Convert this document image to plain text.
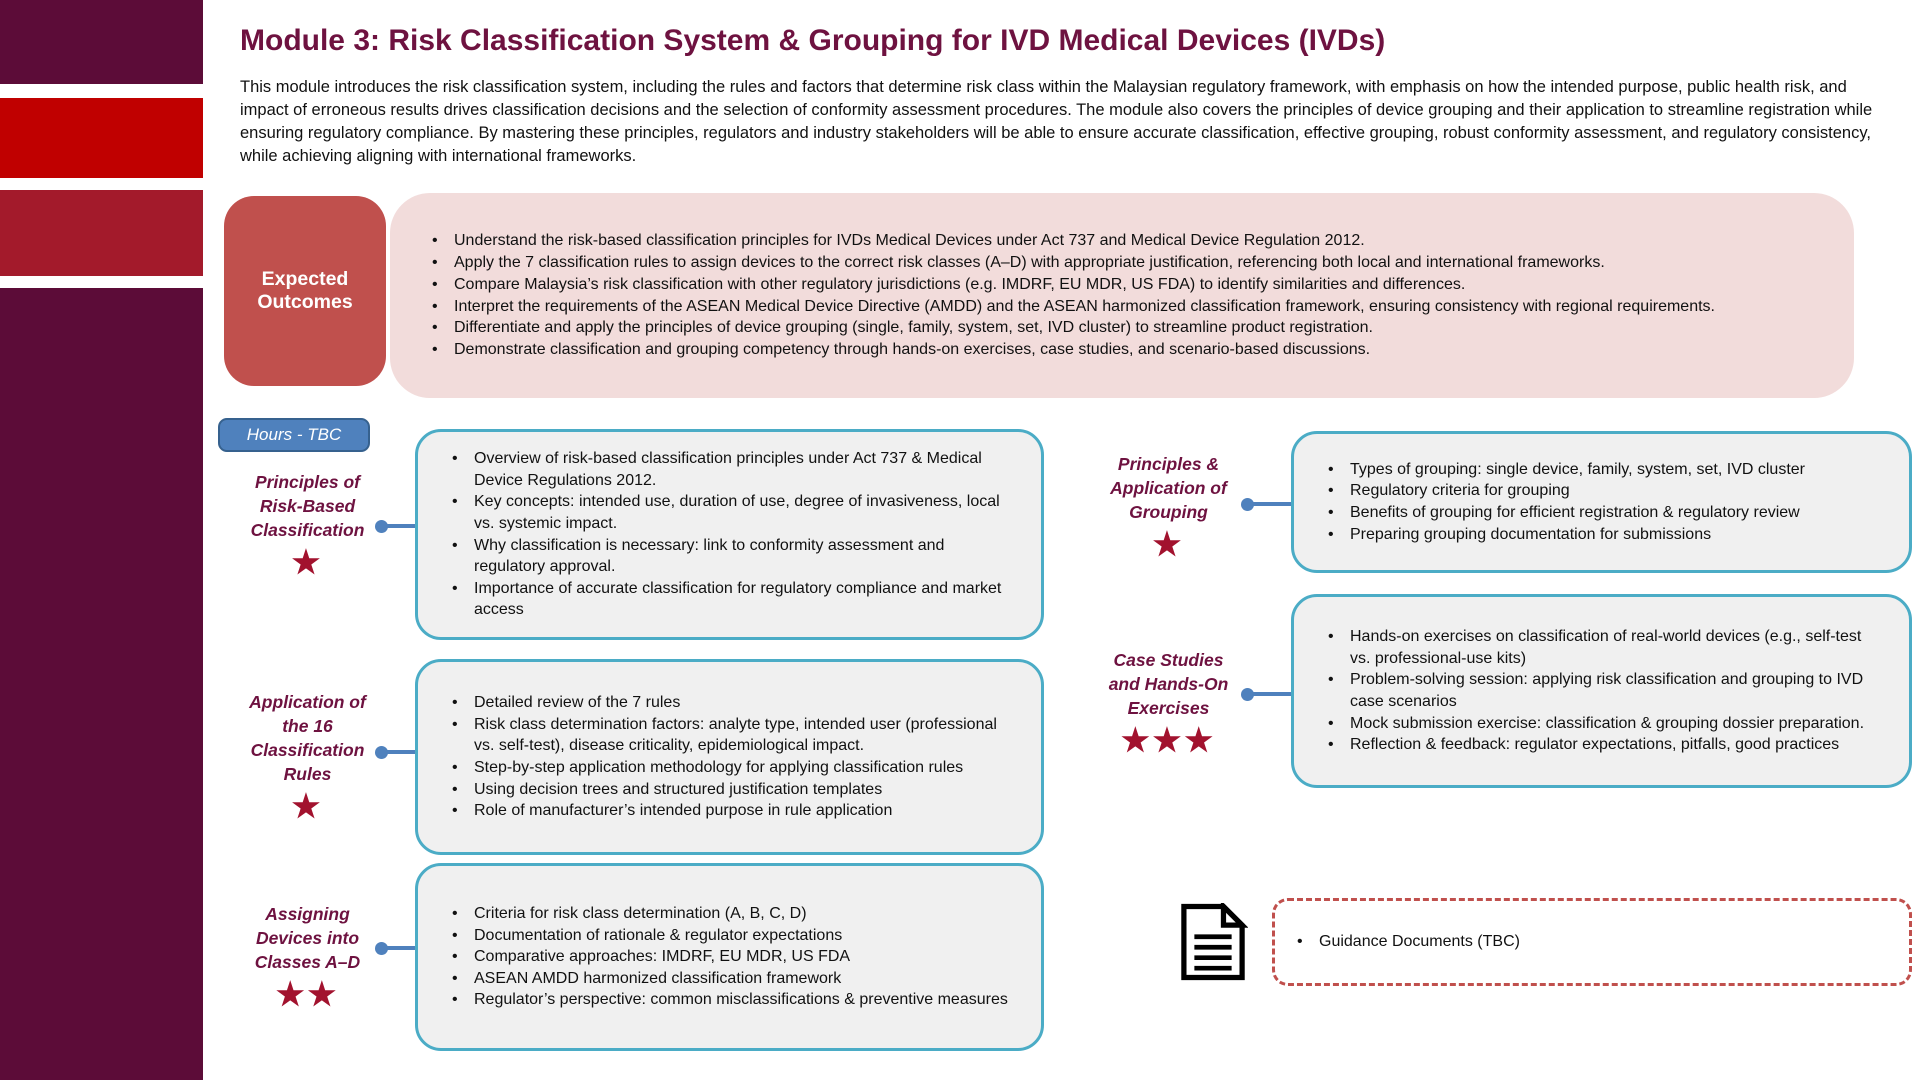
Module 3: Risk Classification System & Grouping for IVD Medical Devices (IVDs)

This module introduces the risk classification system, including the rules and factors that determine risk class within the Malaysian regulatory framework, with emphasis on how the intended purpose, public health risk, and impact of erroneous results drives classification decisions and the selection of conformity assessment procedures. The module also covers the principles of device grouping and their application to streamline registration while ensuring regulatory compliance. By mastering these principles, regulators and industry stakeholders will be able to ensure accurate classification, effective grouping, robust conformity assessment, and regulatory consistency, while achieving aligning with international frameworks.

Expected Outcomes
• Understand the risk-based classification principles for IVDs Medical Devices under Act 737 and Medical Device Regulation 2012.
• Apply the 7 classification rules to assign devices to the correct risk classes (A–D) with appropriate justification, referencing both local and international frameworks.
• Compare Malaysia’s risk classification with other regulatory jurisdictions (e.g. IMDRF, EU MDR, US FDA) to identify similarities and differences.
• Interpret the requirements of the ASEAN Medical Device Directive (AMDD) and the ASEAN harmonized classification framework, ensuring consistency with regional requirements.
• Differentiate and apply the principles of device grouping (single, family, system, set, IVD cluster) to streamline product registration.
• Demonstrate classification and grouping competency through hands-on exercises, case studies, and scenario-based discussions.
Hours - TBC
Principles of Risk-Based Classification
★
• Overview of risk-based classification principles under Act 737 & Medical Device Regulations 2012.
• Key concepts: intended use, duration of use, degree of invasiveness, local vs. systemic impact.
• Why classification is necessary: link to conformity assessment and regulatory approval.
• Importance of accurate classification for regulatory compliance and market access
Application of the 16 Classification Rules
★
• Detailed review of the 7 rules
• Risk class determination factors: analyte type, intended user (professional vs. self-test), disease criticality, epidemiological impact.
• Step-by-step application methodology for applying classification rules
• Using decision trees and structured justification templates
• Role of manufacturer’s intended purpose in rule application
Assigning Devices into Classes A–D
★★
• Criteria for risk class determination (A, B, C, D)
• Documentation of rationale & regulator expectations
• Comparative approaches: IMDRF, EU MDR, US FDA
• ASEAN AMDD harmonized classification framework
• Regulator’s perspective: common misclassifications & preventive measures
Principles & Application of Grouping
★
• Types of grouping: single device, family, system, set, IVD cluster
• Regulatory criteria for grouping
• Benefits of grouping for efficient registration & regulatory review
• Preparing grouping documentation for submissions
Case Studies and Hands-On Exercises
★★★
• Hands-on exercises on classification of real-world devices (e.g., self-test vs. professional-use kits)
• Problem-solving session: applying risk classification and grouping to IVD case scenarios
• Mock submission exercise: classification & grouping dossier preparation.
• Reflection & feedback: regulator expectations, pitfalls, good practices
• Guidance Documents (TBC)
